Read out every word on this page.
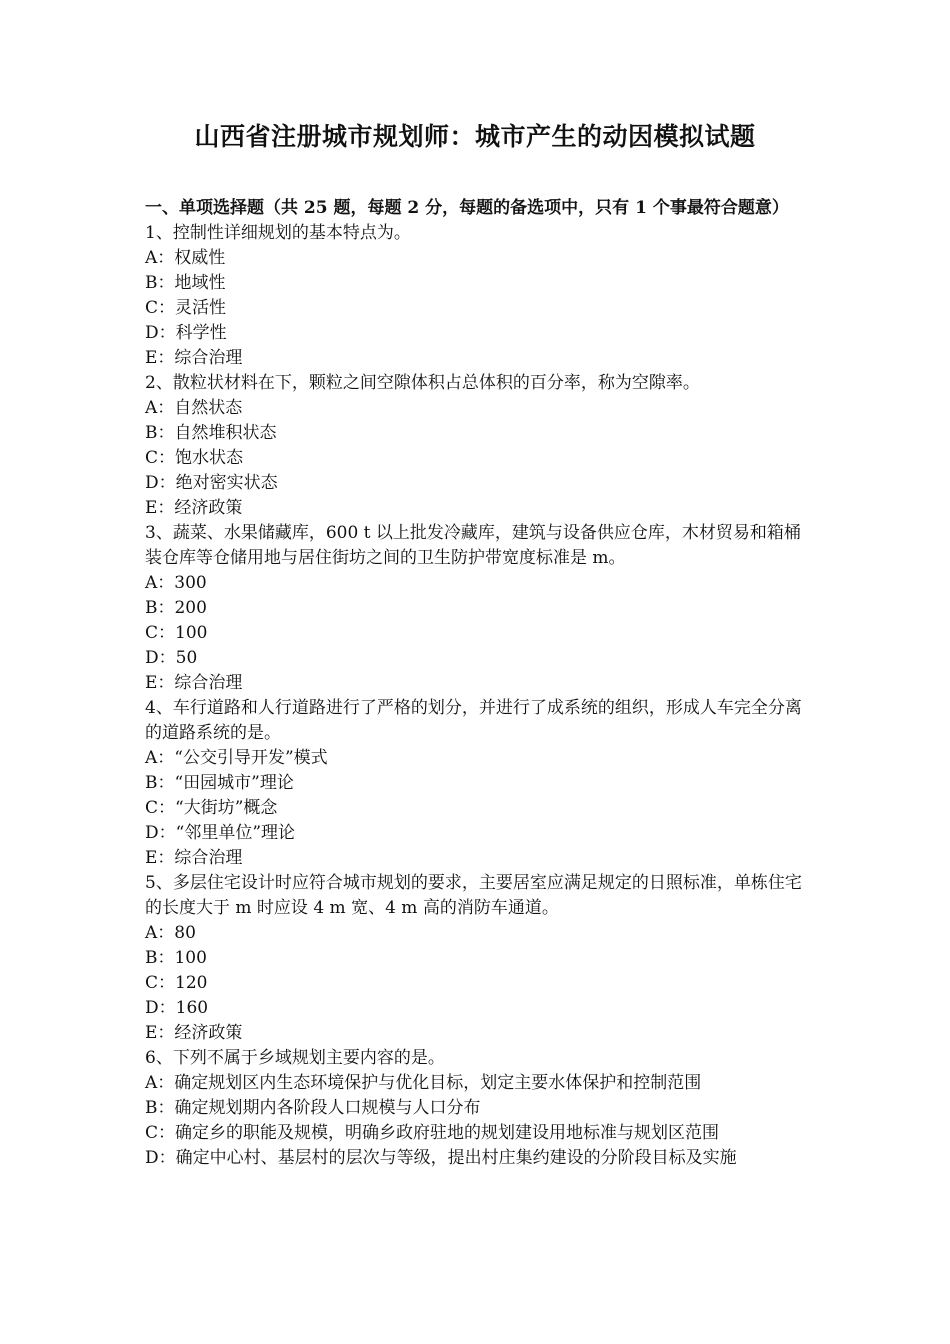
山西省注册城市规划师：城市产生的动因模拟试题

一、单项选择题（共 25 题，每题 2 分，每题的备选项中，只有 1 个事最符合题意）

1、控制性详细规划的基本特点为。

A：权威性

B：地域性

C：灵活性

D：科学性

E：综合治理

2、散粒状材料在下，颗粒之间空隙体积占总体积的百分率，称为空隙率。

A：自然状态

B：自然堆积状态

C：饱水状态

D：绝对密实状态

E：经济政策

3、蔬菜、水果储藏库，600 t 以上批发冷藏库，建筑与设备供应仓库，木材贸易和箱桶装仓库等仓储用地与居住街坊之间的卫生防护带宽度标准是 m。

A：300

B：200

C：100

D：50

E：综合治理

4、车行道路和人行道路进行了严格的划分，并进行了成系统的组织，形成人车完全分离的道路系统的是。

A：“公交引导开发”模式

B：“田园城市”理论

C：“大街坊”概念

D：“邻里单位”理论

E：综合治理

5、多层住宅设计时应符合城市规划的要求，主要居室应满足规定的日照标准，单栋住宅的长度大于 m 时应设 4 m 宽、4 m 高的消防车通道。

A：80

B：100

C：120

D：160

E：经济政策

6、下列不属于乡域规划主要内容的是。

A：确定规划区内生态环境保护与优化目标，划定主要水体保护和控制范围

B：确定规划期内各阶段人口规模与人口分布

C：确定乡的职能及规模，明确乡政府驻地的规划建设用地标准与规划区范围

D：确定中心村、基层村的层次与等级，提出村庄集约建设的分阶段目标及实施
